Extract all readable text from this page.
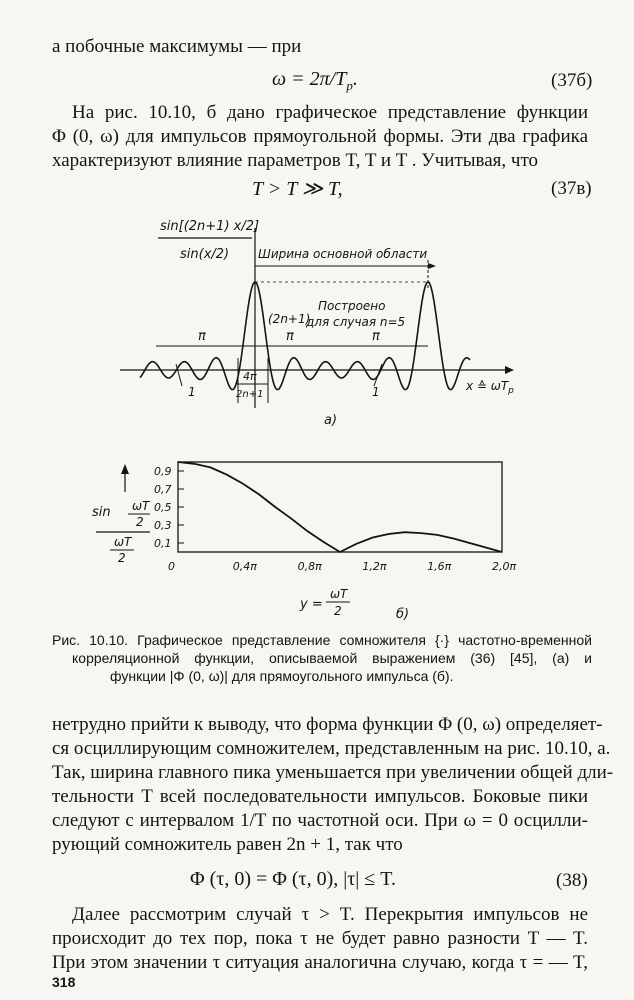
а побочные максимумы — при
$\omega = 2\pi/T_p$.	(37б)
На рис. 10.10, б дано графическое представление функции
Φ (0, ω) для импульсов прямоугольной формы. Эти два графика
характеризуют влияние параметров T, T и T . Учитывая, что
T > T ≫ T,	(37в)
sin[(2n+1) x/2]
sin(x/2) Ширина основной области
(2n+1)
Построено
для случая n=5
π	π	π
4π
2n+1
1	1	x ≙ $\omega T_p$
а)
sin ωT
2
ωT
2
0,1
0,3
0,5
0,7
0,9
0	0,4π	0,8π	1,2π	1,6π	2,0π
y =
ωT
2	б)
Рис. 10.10. Графическое представление сомножителя {·} частотно-временной
корреляционной функции, описываемой выражением (36) [45], (а) и
функции |Φ (0, ω)| для прямоугольного импульса (б).
нетрудно прийти к выводу, что форма функции Φ (0, ω) определяет-
ся осциллирующим сомножителем, представленным на рис. 10.10, а.
Так, ширина главного пика уменьшается при увеличении общей дли-
тельности T всей последовательности импульсов. Боковые пики
следуют с интервалом 1/T по частотной оси. При ω = 0 осцилли-
рующий сомножитель равен 2n + 1, так что
Φ (τ, 0) = Φ (τ, 0), |τ| ≤ T.	(38)
Далее рассмотрим случай τ > T. Перекрытия импульсов не
происходит до тех пор, пока τ не будет равно разности T — T.
При этом значении τ ситуация аналогична случаю, когда τ = — T,
318
